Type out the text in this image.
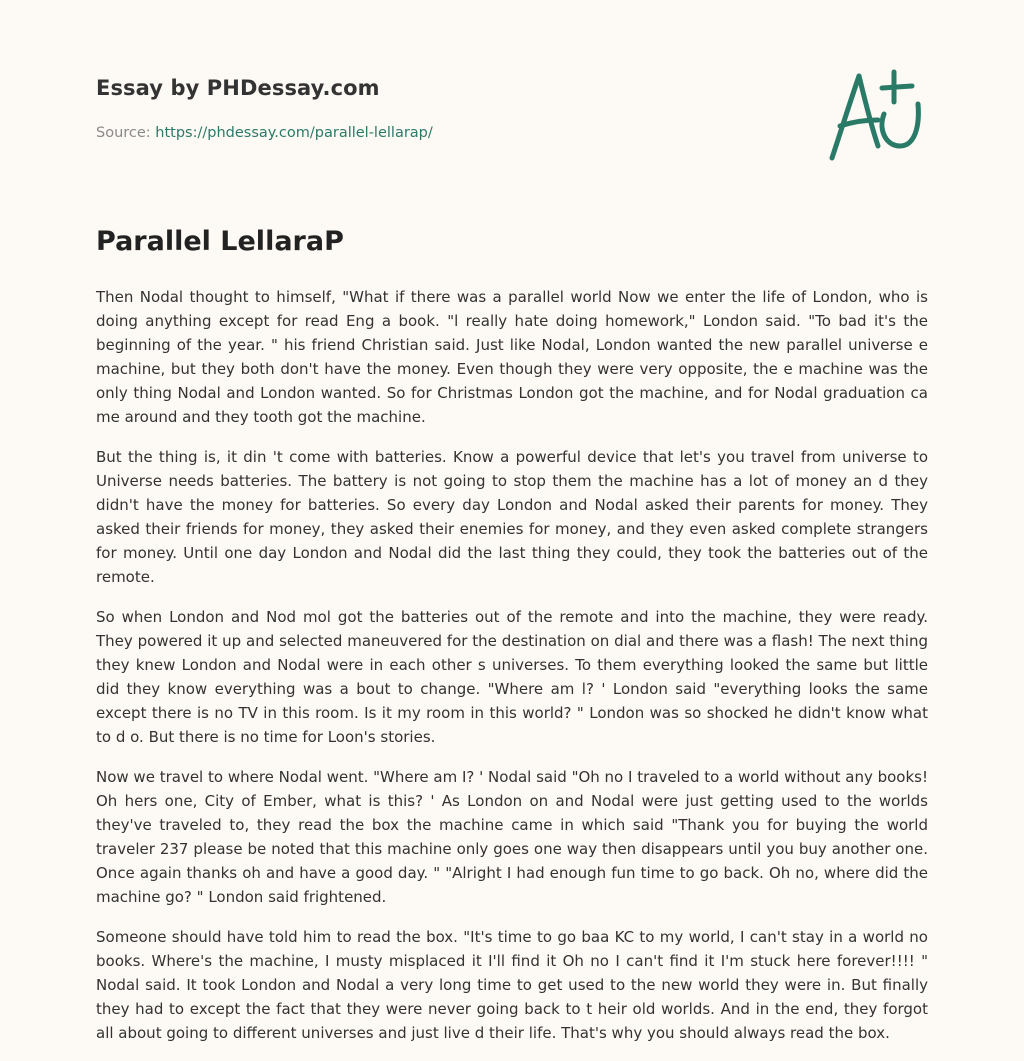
Essay by PHDessay.com
Source: https://phdessay.com/parallel-lellarap/
Parallel LellaraP

Then Nodal thought to himself, "What if there was a parallel world Now we enter the life of London, who is doing anything except for read Eng a book. "l really hate doing homework," London said. "To bad it's the beginning of the year. " his friend Christian said. Just like Nodal, London wanted the new parallel universe e machine, but they both don't have the money. Even though they were very opposite, the e machine was the only thing Nodal and London wanted. So for Christmas London got the machine, and for Nodal graduation ca me around and they tooth got the machine.

But the thing is, it din 't come with batteries. Know a powerful device that let's you travel from universe to Universe needs batteries. The battery is not going to stop them the machine has a lot of money an d they didn't have the money for batteries. So every day London and Nodal asked their parents for money. They asked their friends for money, they asked their enemies for money, and they even asked complete strangers for money. Until one day London and Nodal did the last thing they could, they took the batteries out of the remote.

So when London and Nod mol got the batteries out of the remote and into the machine, they were ready. They powered it up and selected maneuvered for the destination on dial and there was a flash! The next thing they knew London and Nodal were in each other s universes. To them everything looked the same but little did they know everything was a bout to change. "Where am l? ' London said "everything looks the same except there is no TV in this room. Is it my room in this world? " London was so shocked he didn't know what to d o. But there is no time for Loon's stories.

Now we travel to where Nodal went. "Where am I? ' Nodal said "Oh no I traveled to a world without any books! Oh hers one, City of Ember, what is this? ' As London on and Nodal were just getting used to the worlds they've traveled to, they read the box the machine came in which said "Thank you for buying the world traveler 237 please be noted that this machine only goes one way then disappears until you buy another one. Once again thanks oh and have a good day. " "Alright I had enough fun time to go back. Oh no, where did the machine go? " London said frightened.

Someone should have told him to read the box. "It's time to go baa KC to my world, I can't stay in a world no books. Where's the machine, I musty misplaced it I'll find it Oh no I can't find it I'm stuck here forever!!!! " Nodal said. It took London and Nodal a very long time to get used to the new world they were in. But finally they had to except the fact that they were never going back to t heir old worlds. And in the end, they forgot all about going to different universes and just live d their life. That's why you should always read the box.
